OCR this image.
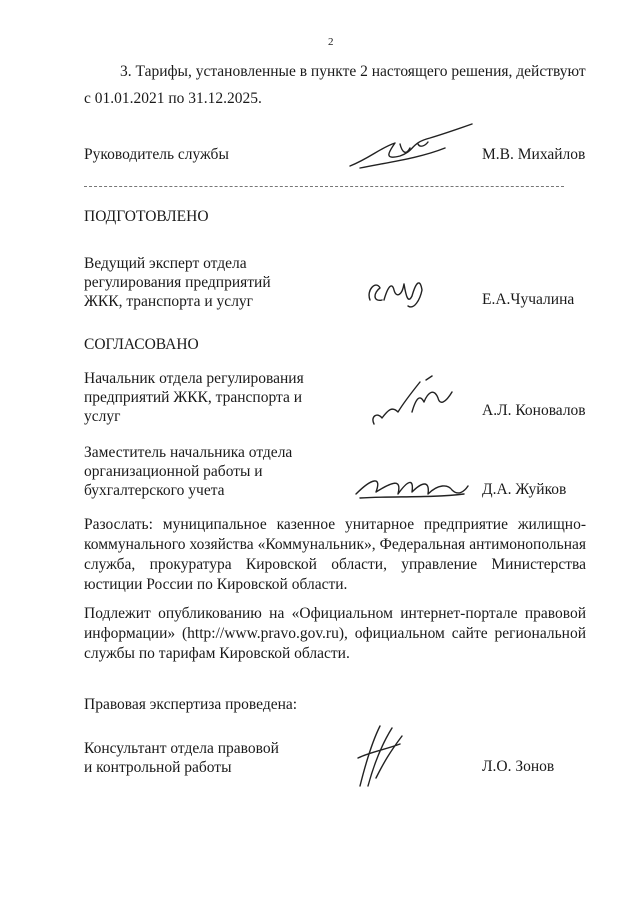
2
3. Тарифы, установленные в пункте 2 настоящего решения, действуют
с 01.01.2021 по 31.12.2025.
Руководитель службы	М.В. Михайлов
ПОДГОТОВЛЕНО
Ведущий эксперт отдела
регулирования предприятий
ЖКК, транспорта и услуг	Е.А.Чучалина
СОГЛАСОВАНО
Начальник отдела регулирования
предприятий ЖКК, транспорта и
услуг	А.Л. Коновалов
Заместитель начальника отдела
организационной работы и
бухгалтерского учета	Д.А. Жуйков
Разослать: муниципальное казенное унитарное предприятие жилищно-коммунального хозяйства «Коммунальник», Федеральная антимонопольная служба, прокуратура Кировской области, управление Министерства юстиции России по Кировской области.
Подлежит опубликованию на «Официальном интернет-портале правовой информации» (http://www.pravo.gov.ru), официальном сайте региональной службы по тарифам Кировской области.
Правовая экспертиза проведена:
Консультант отдела правовой
и контрольной работы	Л.О. Зонов
